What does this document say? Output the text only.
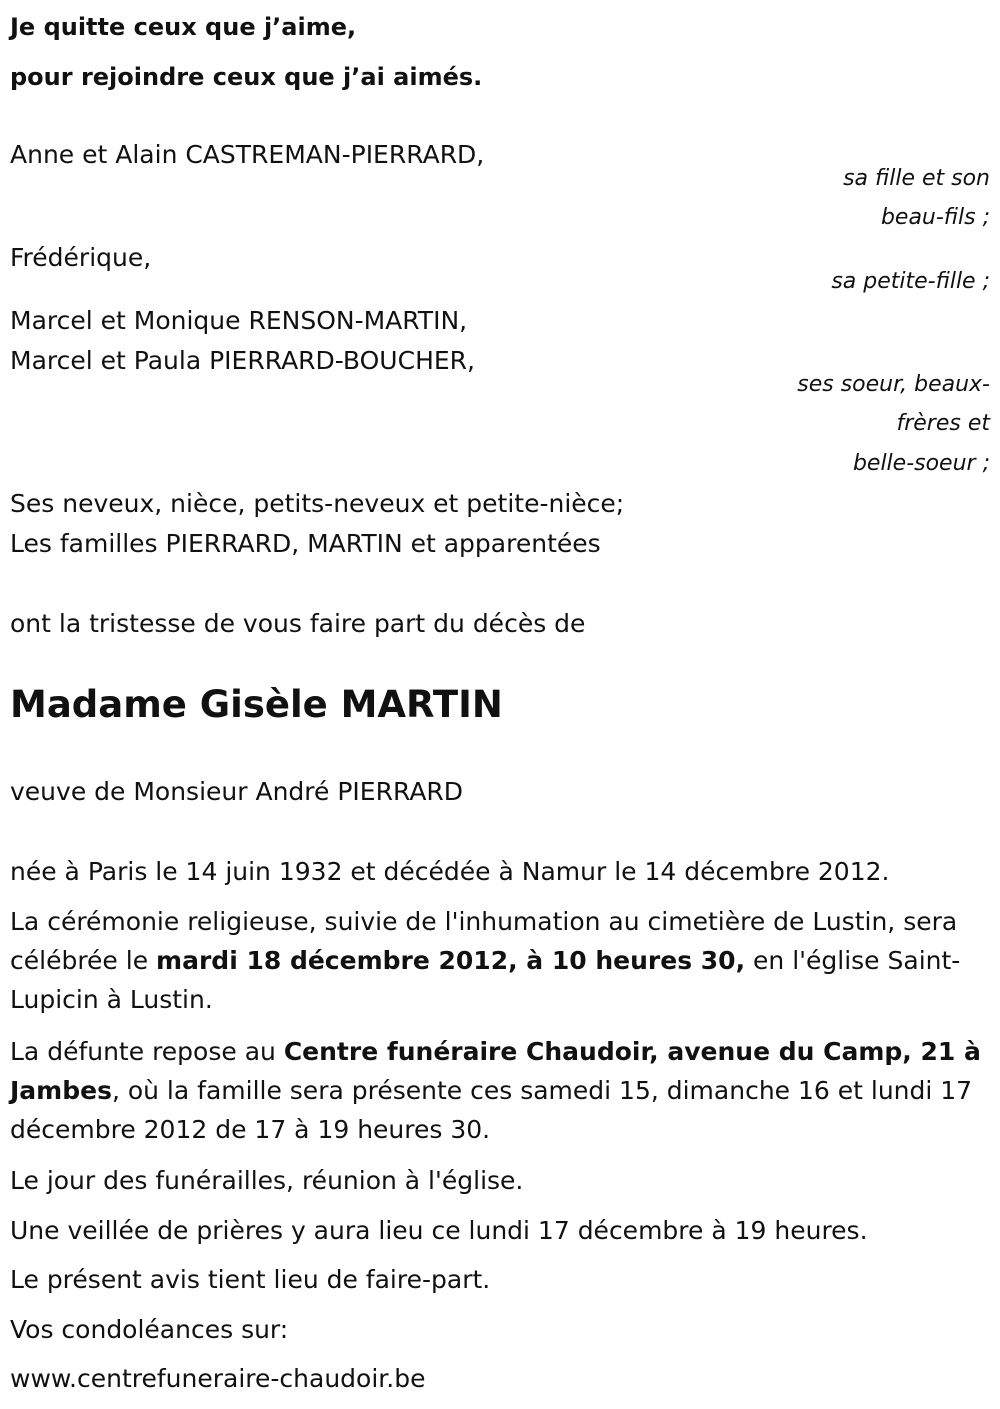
Je quitte ceux que j’aime,
pour rejoindre ceux que j’ai aimés.
Anne et Alain CASTREMAN-PIERRARD,
sa fille et son
beau-fils ;
Frédérique,
sa petite-fille ;
Marcel et Monique RENSON-MARTIN,
Marcel et Paula PIERRARD-BOUCHER,
ses soeur, beaux-
frères et
belle-soeur ;
Ses neveux, nièce, petits-neveux et petite-nièce;
Les familles PIERRARD, MARTIN et apparentées
ont la tristesse de vous faire part du décès de
Madame Gisèle MARTIN
veuve de Monsieur André PIERRARD
née à Paris le 14 juin 1932 et décédée à Namur le 14 décembre 2012.
La cérémonie religieuse, suivie de l'inhumation au cimetière de Lustin, sera célébrée le mardi 18 décembre 2012, à 10 heures 30, en l'église Saint-Lupicin à Lustin.
La défunte repose au Centre funéraire Chaudoir, avenue du Camp, 21 à Jambes, où la famille sera présente ces samedi 15, dimanche 16 et lundi 17 décembre 2012 de 17 à 19 heures 30.
Le jour des funérailles, réunion à l'église.
Une veillée de prières y aura lieu ce lundi 17 décembre à 19 heures.
Le présent avis tient lieu de faire-part.
Vos condoléances sur:
www.centrefuneraire-chaudoir.be
